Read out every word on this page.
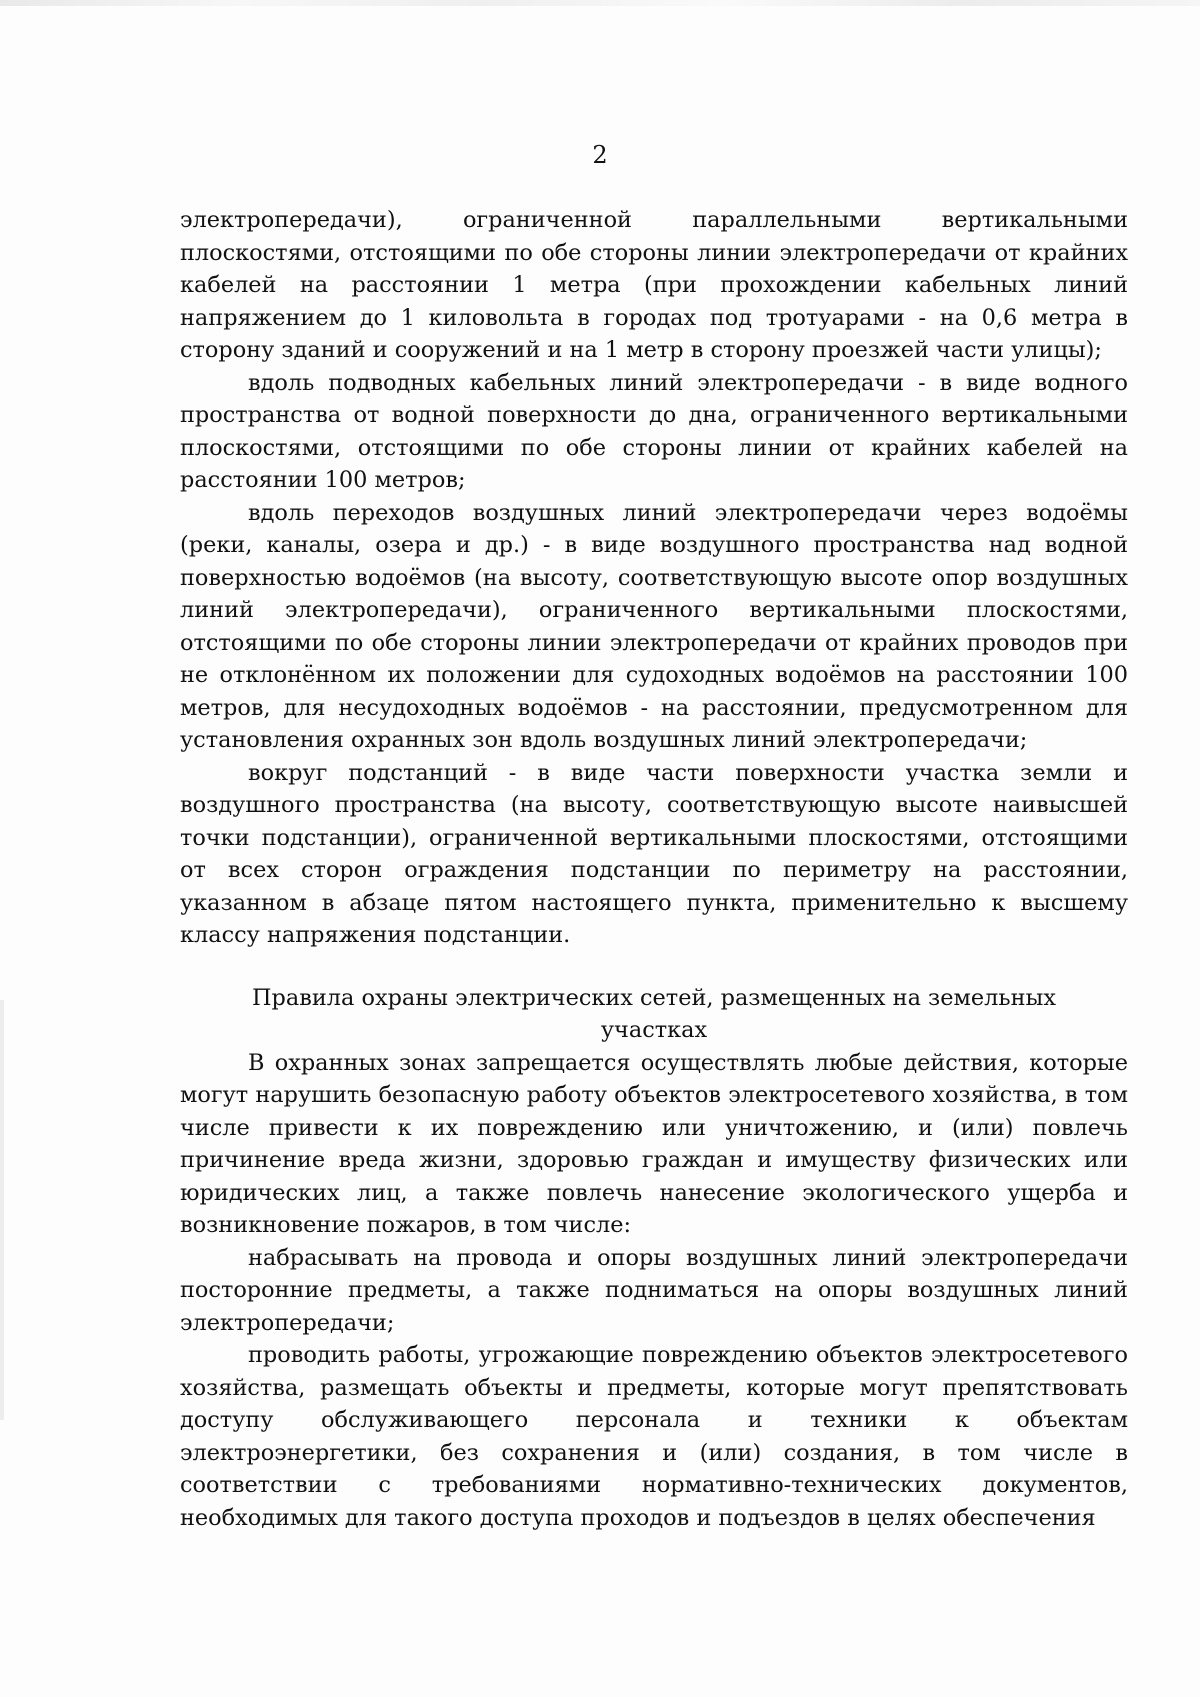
2

электропередачи), ограниченной параллельными вертикальными плоскостями, отстоящими по обе стороны линии электропередачи от крайних кабелей на расстоянии 1 метра (при прохождении кабельных линий напряжением до 1 киловольта в городах под тротуарами - на 0,6 метра в сторону зданий и сооружений и на 1 метр в сторону проезжей части улицы);

вдоль подводных кабельных линий электропередачи - в виде водного пространства от водной поверхности до дна, ограниченного вертикальными плоскостями, отстоящими по обе стороны линии от крайних кабелей на расстоянии 100 метров;

вдоль переходов воздушных линий электропередачи через водоёмы (реки, каналы, озера и др.) - в виде воздушного пространства над водной поверхностью водоёмов (на высоту, соответствующую высоте опор воздушных линий электропередачи), ограниченного вертикальными плоскостями, отстоящими по обе стороны линии электропередачи от крайних проводов при не отклонённом их положении для судоходных водоёмов на расстоянии 100 метров, для несудоходных водоёмов - на расстоянии, предусмотренном для установления охранных зон вдоль воздушных линий электропередачи;

вокруг подстанций - в виде части поверхности участка земли и воздушного пространства (на высоту, соответствующую высоте наивысшей точки подстанции), ограниченной вертикальными плоскостями, отстоящими от всех сторон ограждения подстанции по периметру на расстоянии, указанном в абзаце пятом настоящего пункта, применительно к высшему классу напряжения подстанции.

Правила охраны электрических сетей, размещенных на земельных участках

В охранных зонах запрещается осуществлять любые действия, которые могут нарушить безопасную работу объектов электросетевого хозяйства, в том числе привести к их повреждению или уничтожению, и (или) повлечь причинение вреда жизни, здоровью граждан и имуществу физических или юридических лиц, а также повлечь нанесение экологического ущерба и возникновение пожаров, в том числе:

набрасывать на провода и опоры воздушных линий электропередачи посторонние предметы, а также подниматься на опоры воздушных линий электропередачи;

проводить работы, угрожающие повреждению объектов электросетевого хозяйства, размещать объекты и предметы, которые могут препятствовать доступу обслуживающего персонала и техники к объектам электроэнергетики, без сохранения и (или) создания, в том числе в соответствии с требованиями нормативно-технических документов, необходимых для такого доступа проходов и подъездов в целях обеспечения
